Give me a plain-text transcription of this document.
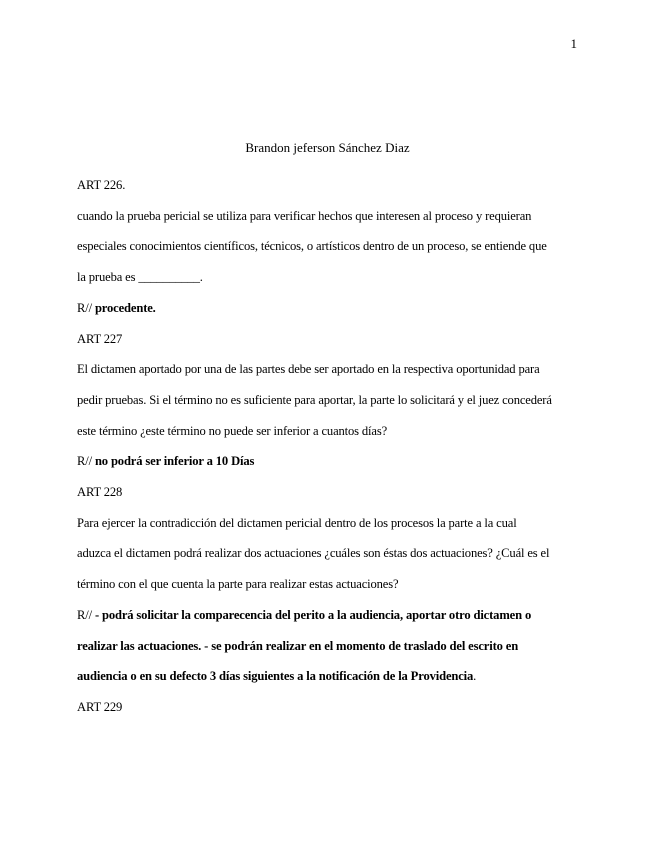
1
Brandon jeferson Sánchez Diaz
ART 226.
cuando la prueba pericial se utiliza para verificar hechos que interesen al proceso y requieran
especiales conocimientos científicos, técnicos, o artísticos dentro de un proceso, se entiende que
la prueba es __________.
R// procedente.
ART 227
El dictamen aportado por una de las partes debe ser aportado en la respectiva oportunidad para
pedir pruebas. Si el término no es suficiente para aportar, la parte lo solicitará y el juez concederá
este término ¿este término no puede ser inferior a cuantos días?
R// no podrá ser inferior a 10 Días
ART 228
Para ejercer la contradicción del dictamen pericial dentro de los procesos la parte a la cual
aduzca el dictamen podrá realizar dos actuaciones ¿cuáles son éstas dos actuaciones? ¿Cuál es el
término con el que cuenta la parte para realizar estas actuaciones?
R// - podrá solicitar la comparecencia del perito a la audiencia, aportar otro dictamen o
realizar las actuaciones. - se podrán realizar en el momento de traslado del escrito en
audiencia o en su defecto 3 días siguientes a la notificación de la Providencia.
ART 229
